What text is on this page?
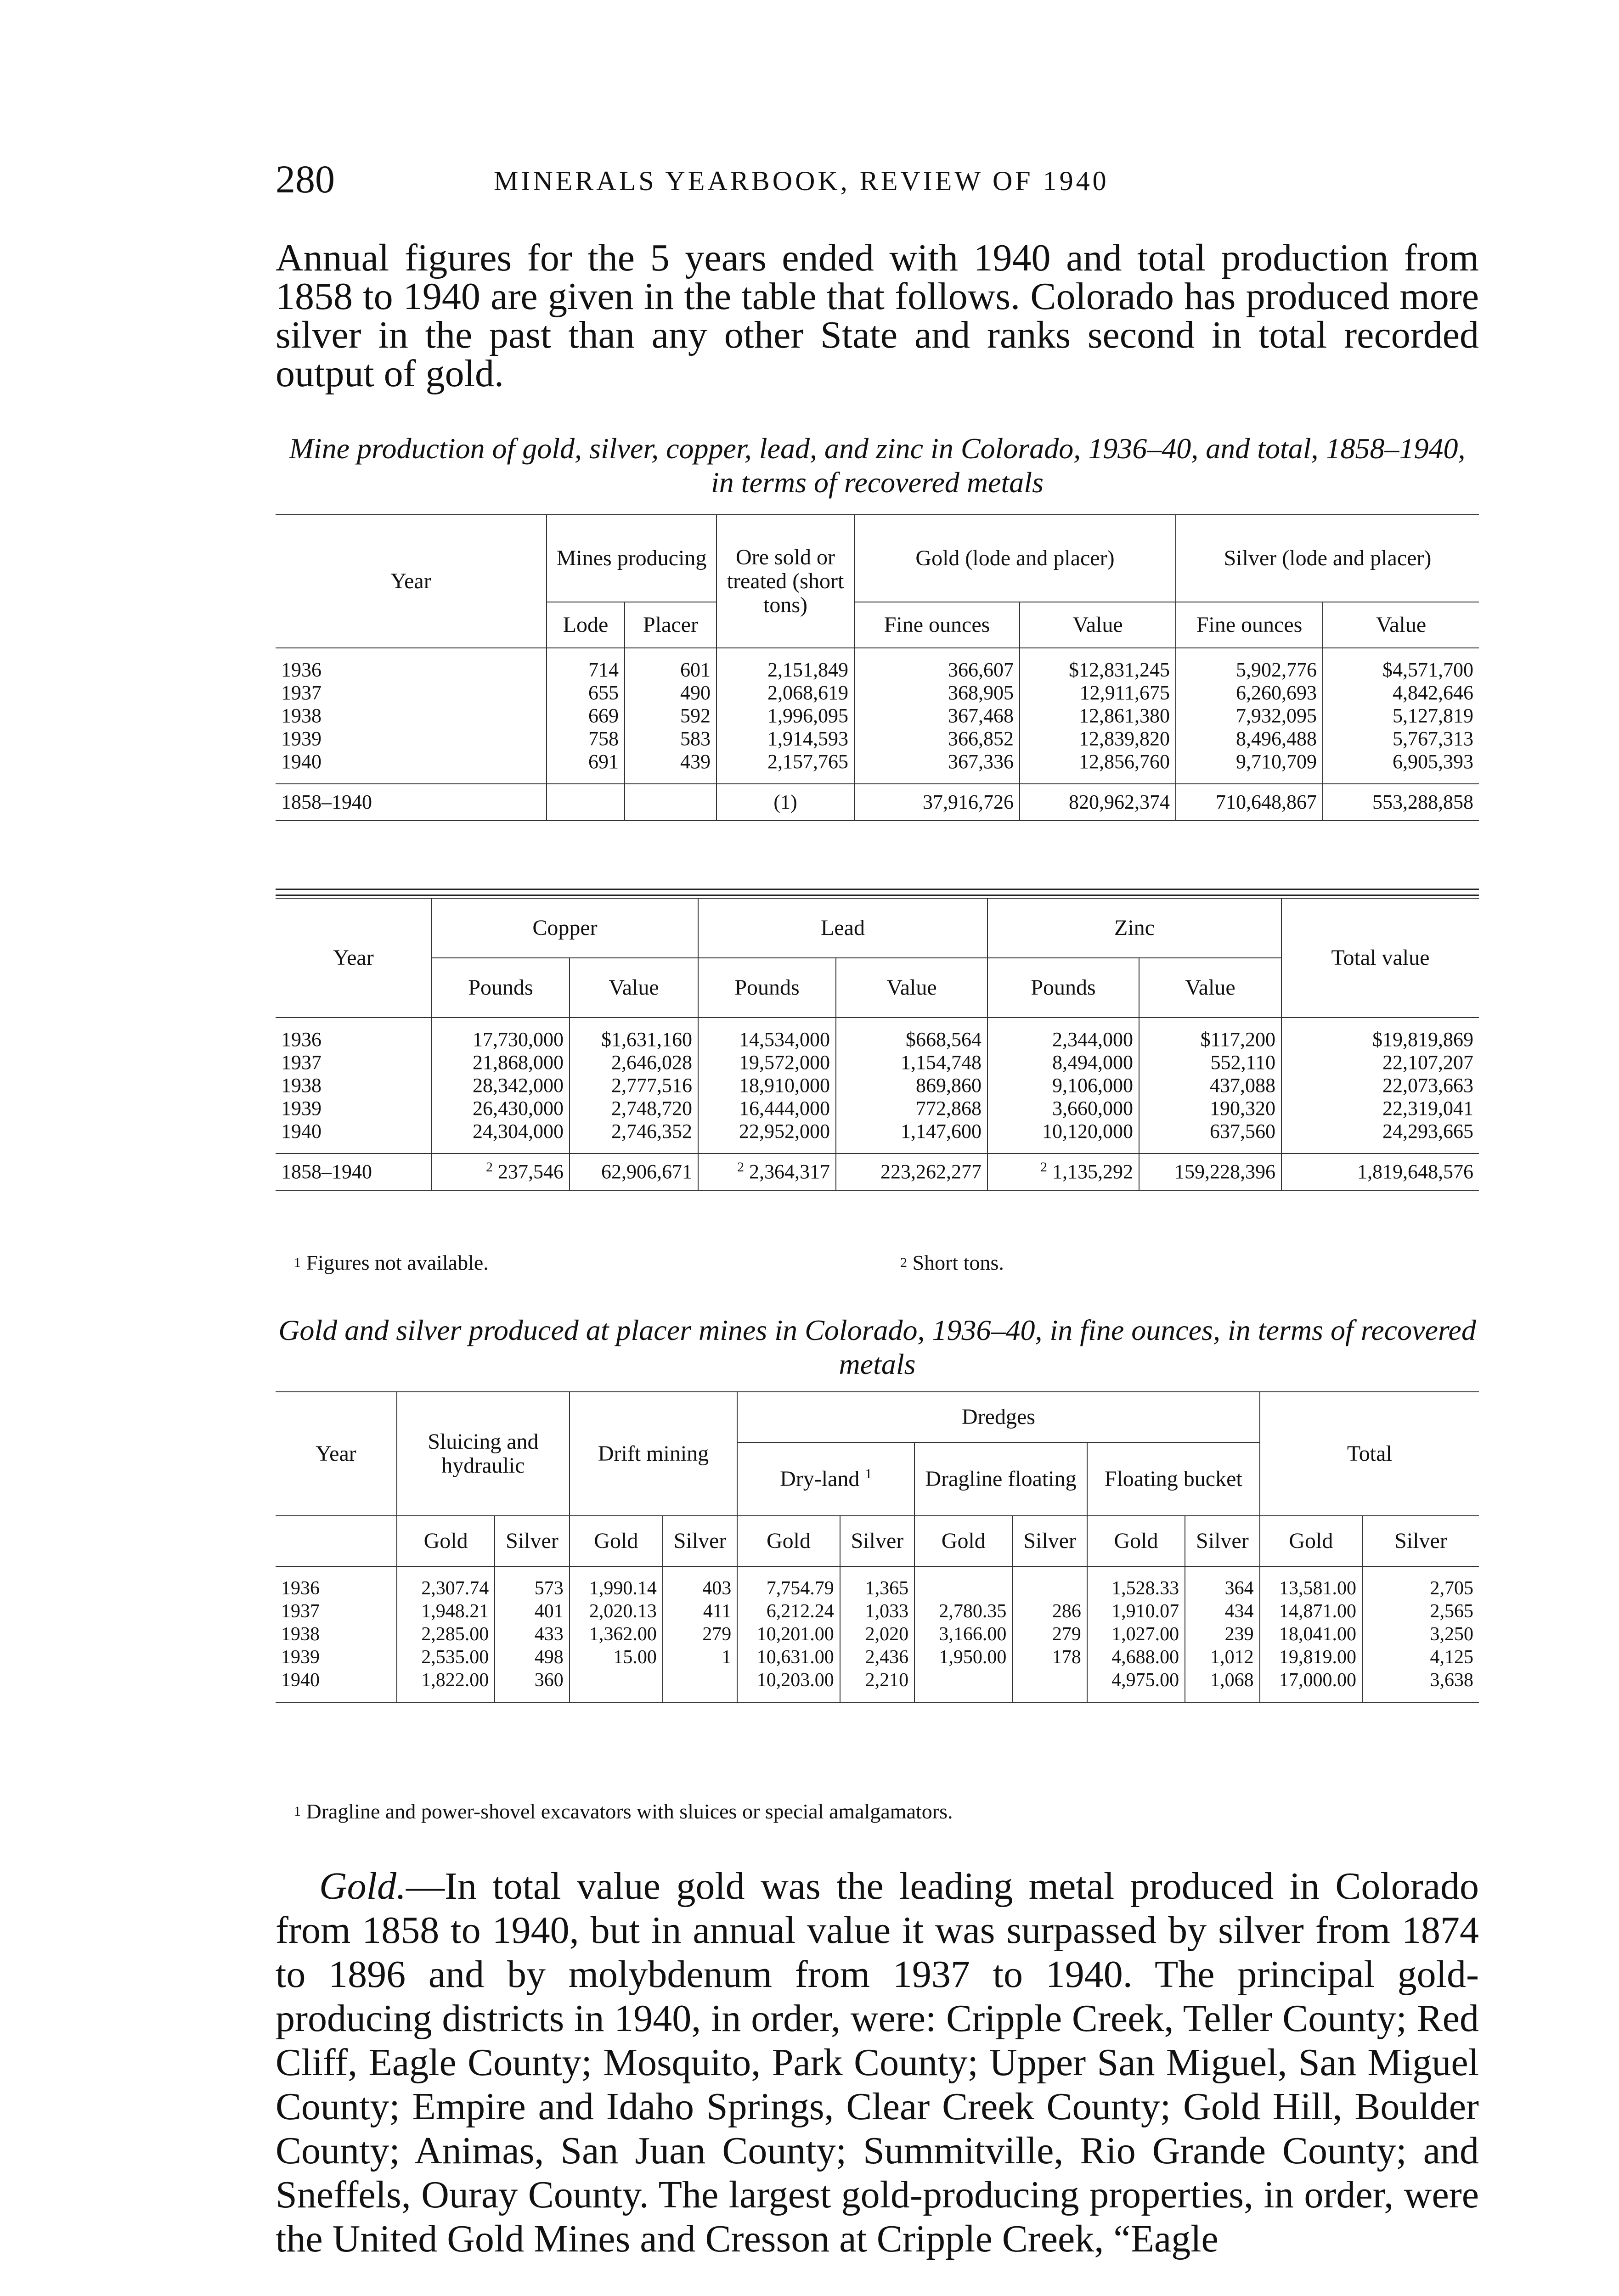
280	MINERALS YEARBOOK, REVIEW OF 1940

Annual figures for the 5 years ended with 1940 and total production from 1858 to 1940 are given in the table that follows. Colorado has produced more silver in the past than any other State and ranks second in total recorded output of gold.

Mine production of gold, silver, copper, lead, and zinc in Colorado, 1936–40, and total, 1858–1940, in terms of recovered metals
Year	Mines producing		Ore sold or treated (short tons)	Gold (lode and placer)		Silver (lode and placer)	
	Lode	Placer		Fine ounces	Value	Fine ounces	Value
1936	714	601	2,151,849	366,607	$12,831,245	5,902,776	$4,571,700
1937	655	490	2,068,619	368,905	12,911,675	6,260,693	4,842,646
1938	669	592	1,996,095	367,468	12,861,380	7,932,095	5,127,819
1939	758	583	1,914,593	366,852	12,839,820	8,496,488	5,767,313
1940	691	439	2,157,765	367,336	12,856,760	9,710,709	6,905,393
1858–1940			(1)	37,916,726	820,962,374	710,648,867	553,288,858
Year	Copper		Lead		Zinc		Total value
	Pounds	Value	Pounds	Value	Pounds	Value	
1936	17,730,000	$1,631,160	14,534,000	$668,564	2,344,000	$117,200	$19,819,869
1937	21,868,000	2,646,028	19,572,000	1,154,748	8,494,000	552,110	22,107,207
1938	28,342,000	2,777,516	18,910,000	869,860	9,106,000	437,088	22,073,663
1939	26,430,000	2,748,720	16,444,000	772,868	3,660,000	190,320	22,319,041
1940	24,304,000	2,746,352	22,952,000	1,147,600	10,120,000	637,560	24,293,665
1858–1940	$^2$ 237,546	62,906,671	$^2$ 2,364,317	223,262,277	$^2$ 1,135,292	159,228,396	1,819,648,576
$^1$ Figures not available.	$^2$ Short tons.
Gold and silver produced at placer mines in Colorado, 1936–40, in fine ounces, in terms of recovered metals
Year	Sluicing and hydraulic		Drift mining		Dredges						Total	
					Dry-land $^1$		Dragline floating		Floating bucket			
	Gold	Silver	Gold	Silver	Gold	Silver	Gold	Silver	Gold	Silver	Gold	Silver
1936	2,307.74	573	1,990.14	403	7,754.79	1,365			1,528.33	364	13,581.00	2,705
1937	1,948.21	401	2,020.13	411	6,212.24	1,033	2,780.35	286	1,910.07	434	14,871.00	2,565
1938	2,285.00	433	1,362.00	279	10,201.00	2,020	3,166.00	279	1,027.00	239	18,041.00	3,250
1939	2,535.00	498	15.00	1	10,631.00	2,436	1,950.00	178	4,688.00	1,012	19,819.00	4,125
1940	1,822.00	360			10,203.00	2,210			4,975.00	1,068	17,000.00	3,638
$^1$ Dragline and power-shovel excavators with sluices or special amalgamators.

Gold.—In total value gold was the leading metal produced in Colorado from 1858 to 1940, but in annual value it was surpassed by silver from 1874 to 1896 and by molybdenum from 1937 to 1940. The principal gold-producing districts in 1940, in order, were: Cripple Creek, Teller County; Red Cliff, Eagle County; Mosquito, Park County; Upper San Miguel, San Miguel County; Empire and Idaho Springs, Clear Creek County; Gold Hill, Boulder County; Animas, San Juan County; Summitville, Rio Grande County; and Sneffels, Ouray County. The largest gold-producing properties, in order, were the United Gold Mines and Cresson at Cripple Creek, “Eagle
